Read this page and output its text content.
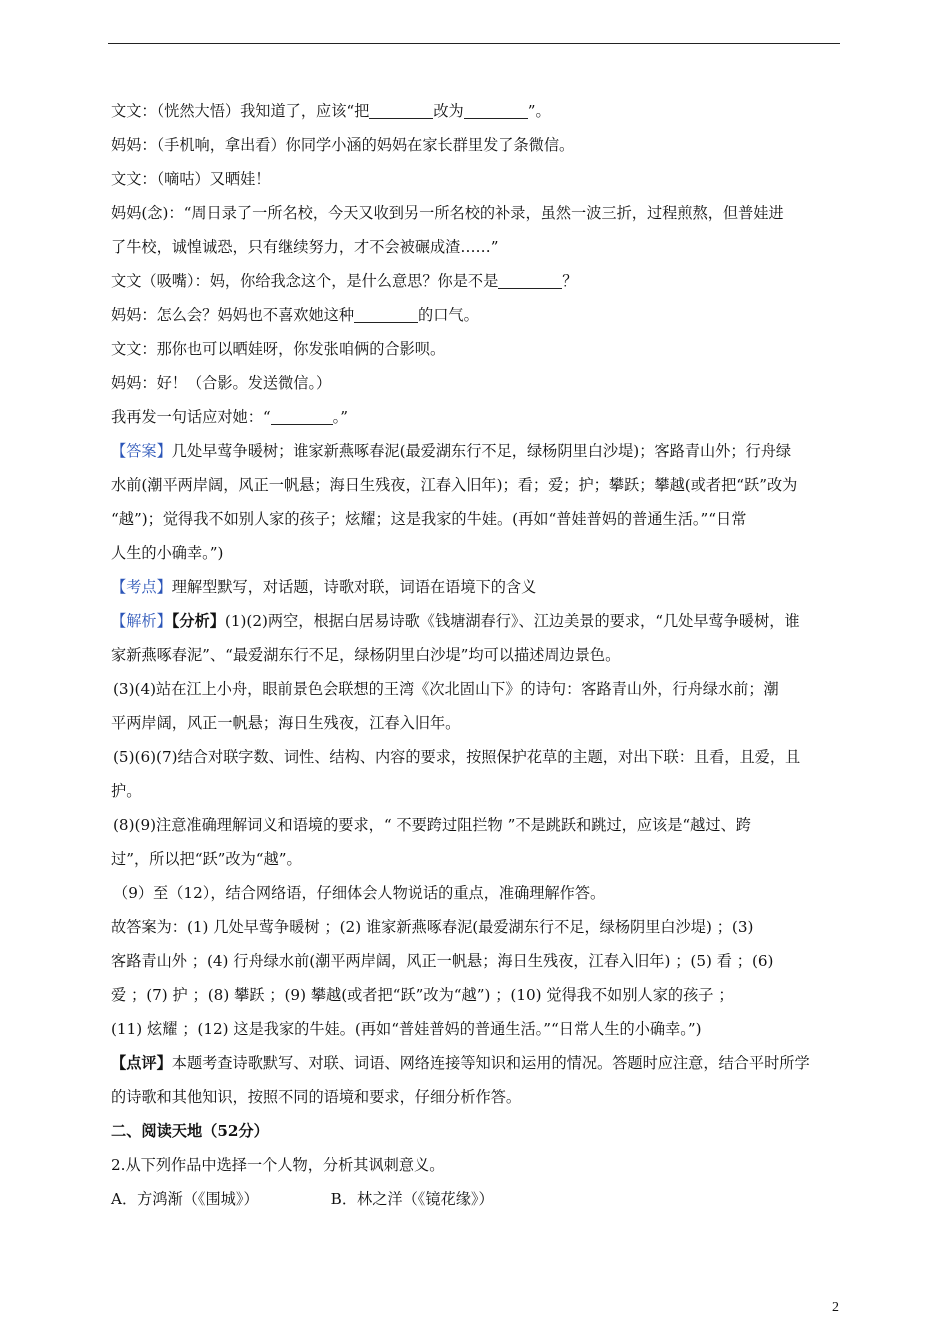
文文：（恍然大悟）我知道了，应该“把	改为	”。
妈妈：（手机响，拿出看）你同学小涵的妈妈在家长群里发了条微信。
文文：（嘀咕）又晒娃！
妈妈(念)：“周日录了一所名校，今天又收到另一所名校的补录，虽然一波三折，过程煎熬，但普娃进
了牛校，诚惶诚恐，只有继续努力，才不会被碾成渣……”
文文（吸嘴）：妈，你给我念这个，是什么意思？你是不是	？
妈妈：怎么会？妈妈也不喜欢她这种	的口气。
文文：那你也可以晒娃呀，你发张咱俩的合影呗。
妈妈：好！（合影。发送微信。）
我再发一句话应对她：“	。”
【答案】几处早莺争暖树；谁家新燕啄春泥(最爱湖东行不足，绿杨阴里白沙堤)；客路青山外；行舟绿
水前(潮平两岸阔，风正一帆悬；海日生残夜，江春入旧年)；看；爱；护；攀跃；攀越(或者把“跃”改为
“越”)；觉得我不如别人家的孩子；炫耀；这是我家的牛娃。(再如“普娃普妈的普通生活。”“日常
人生的小确幸。”)
【考点】理解型默写，对话题，诗歌对联，词语在语境下的含义
【解析】【分析】(1)(2)两空，根据白居易诗歌《钱塘湖春行》、江边美景的要求，“几处早莺争暖树，谁
家新燕啄春泥”、“最爱湖东行不足，绿杨阴里白沙堤”均可以描述周边景色。
(3)(4)站在江上小舟，眼前景色会联想的王湾《次北固山下》的诗句：客路青山外，行舟绿水前；潮
平两岸阔，风正一帆悬；海日生残夜，江春入旧年。
(5)(6)(7)结合对联字数、词性、结构、内容的要求，按照保护花草的主题，对出下联：且看，且爱，且
护。
(8)(9)注意准确理解词义和语境的要求，“ 不要跨过阻拦物 ”不是跳跃和跳过，应该是“越过、跨
过”，所以把“跃”改为“越”。
（9）至（12），结合网络语，仔细体会人物说话的重点，准确理解作答。
故答案为：(1) 几处早莺争暖树 ；(2) 谁家新燕啄春泥(最爱湖东行不足，绿杨阴里白沙堤) ；(3)
客路青山外 ；(4) 行舟绿水前(潮平两岸阔，风正一帆悬；海日生残夜，江春入旧年) ；(5) 看 ；(6)
爱 ；(7) 护 ；(8) 攀跃 ；(9) 攀越(或者把“跃”改为“越”) ；(10) 觉得我不如别人家的孩子 ；
(11) 炫耀 ；(12) 这是我家的牛娃。(再如“普娃普妈的普通生活。”“日常人生的小确幸。”)
【点评】本题考查诗歌默写、对联、词语、网络连接等知识和运用的情况。答题时应注意，结合平时所学
的诗歌和其他知识，按照不同的语境和要求，仔细分析作答。
二、阅读天地（52分）
2.从下列作品中选择一个人物，分析其讽刺意义。
A．方鸿渐（《围城》）	B．林之洋（《镜花缘》）
2
